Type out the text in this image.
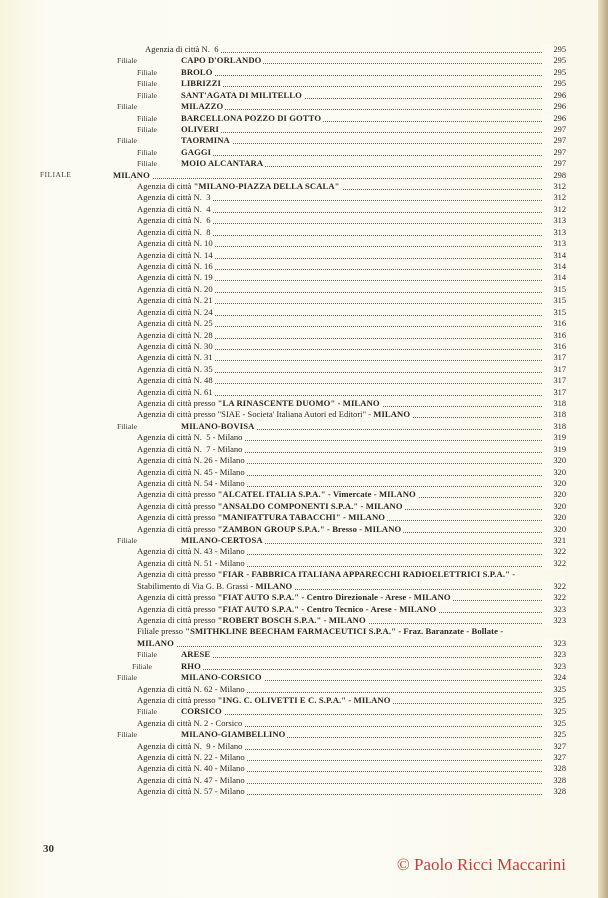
Agenzia di città N.  6	295
Filiale	CAPO D'ORLANDO	295
Filiale	BROLO	295
Filiale	LIBRIZZI	295
Filiale	SANT'AGATA DI MILITELLO	296
Filiale	MILAZZO	296
Filiale	BARCELLONA POZZO DI GOTTO	296
Filiale	OLIVERI	297
Filiale	TAORMINA	297
Filiale	GAGGI	297
Filiale	MOIO ALCANTARA	297
FILIALE	MILANO	298
Agenzia di città "MILANO-PIAZZA DELLA SCALA"	312
Agenzia di città N.  3	312
Agenzia di città N.  4	312
Agenzia di città N.  6	313
Agenzia di città N.  8	313
Agenzia di città N. 10	313
Agenzia di città N. 14	314
Agenzia di città N. 16	314
Agenzia di città N. 19	314
Agenzia di città N. 20	315
Agenzia di città N. 21	315
Agenzia di città N. 24	315
Agenzia di città N. 25	316
Agenzia di città N. 28	316
Agenzia di città N. 30	316
Agenzia di città N. 31	317
Agenzia di città N. 35	317
Agenzia di città N. 48	317
Agenzia di città N. 61	317
Agenzia di città presso "LA RINASCENTE DUOMO" - MILANO	318
Agenzia di città presso "SIAE - Societa' Italiana Autori ed Editori" - MILANO	318
Filiale	MILANO-BOVISA	318
Agenzia di città N.  5 - Milano	319
Agenzia di città N.  7 - Milano	319
Agenzia di città N. 26 - Milano	320
Agenzia di città N. 45 - Milano	320
Agenzia di città N. 54 - Milano	320
Agenzia di città presso "ALCATEL ITALIA S.P.A." - Vimercate - MILANO	320
Agenzia di città presso "ANSALDO COMPONENTI S.P.A." - MILANO	320
Agenzia di città presso "MANIFATTURA TABACCHI" - MILANO	320
Agenzia di città presso "ZAMBON GROUP S.P.A." - Bresso - MILANO	320
Filiale	MILANO-CERTOSA	321
Agenzia di città N. 43 - Milano	322
Agenzia di città N. 51 - Milano	322
Agenzia di città presso "FIAR - FABBRICA ITALIANA APPARECCHI RADIOELETTRICI S.P.A." -
Stabilimento di Via G. B. Grassi - MILANO	322
Agenzia di città presso "FIAT AUTO S.P.A." - Centro Direzionale - Arese - MILANO	322
Agenzia di città presso "FIAT AUTO S.P.A." - Centro Tecnico - Arese - MILANO	323
Agenzia di città presso "ROBERT BOSCH S.P.A." - MILANO	323
Filiale presso "SMITHKLINE BEECHAM FARMACEUTICI S.P.A." - Fraz. Baranzate - Bollate -
MILANO	323
Filiale	ARESE	323
Filiale	RHO	323
Filiale	MILANO-CORSICO	324
Agenzia di città N. 62 - Milano	325
Agenzia di città presso "ING. C. OLIVETTI E C. S.P.A." - MILANO	325
Filiale	CORSICO	325
Agenzia di città N. 2 - Corsico	325
Filiale	MILANO-GIAMBELLINO	325
Agenzia di città N.  9 - Milano	327
Agenzia di città N. 22 - Milano	327
Agenzia di città N. 40 - Milano	328
Agenzia di città N. 47 - Milano	328
Agenzia di città N. 57 - Milano	328
30
© Paolo Ricci Maccarini
